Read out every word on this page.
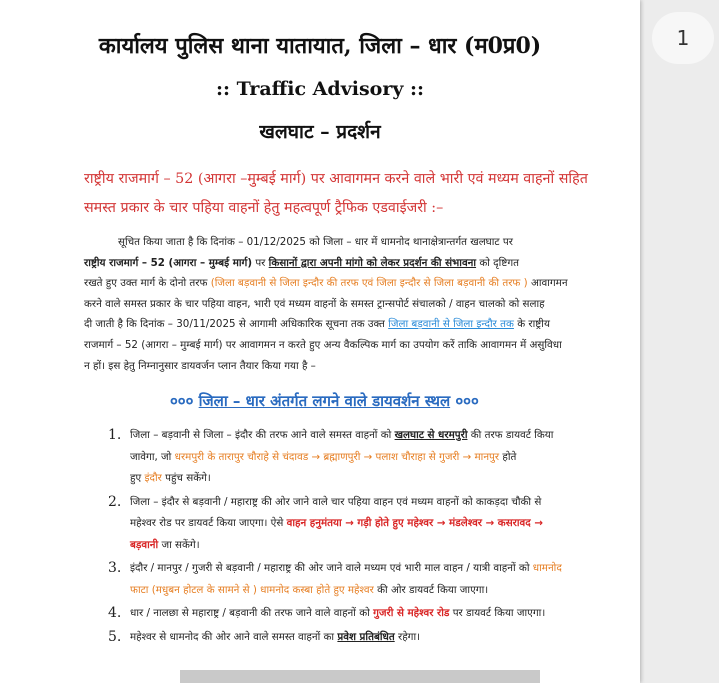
कार्यालय पुलिस थाना यातायात, जिला – धार (म0प्र0)
:: Traffic Advisory ::
खलघाट – प्रदर्शन
राष्ट्रीय राजमार्ग – 52 (आगरा –मुम्बई मार्ग) पर आवागमन करने वाले भारी एवं मध्यम वाहनों सहित
समस्त प्रकार के चार पहिया वाहनों हेतु महत्वपूर्ण ट्रैफिक एडवाईजरी :–
सूचित किया जाता है कि दिनांक – 01/12/2025 को जिला – धार में धामनोद थानाक्षेत्रान्तर्गत खलघाट पर
राष्ट्रीय राजमार्ग – 52 (आगरा – मुम्बई मार्ग) पर किसानों द्वारा अपनी मांगो को लेकर प्रदर्शन की संभावना को दृष्टिगत
रखते हुए उक्त मार्ग के दोनो तरफ (जिला बड़वानी से जिला इन्दौर की तरफ एवं जिला इन्दौर से जिला बड़वानी की तरफ ) आवागमन
करने वाले समस्त प्रकार के चार पहिया वाहन, भारी एवं मध्यम वाहनों के समस्त ट्रान्सपोर्ट संचालको / वाहन चालको को सलाह
दी जाती है कि दिनांक – 30/11/2025 से आगामी अधिकारिक सूचना तक उक्त जिला बड़वानी से जिला इन्दौर तक के राष्ट्रीय
राजमार्ग – 52 (आगरा – मुम्बई मार्ग) पर आवागमन न करते हुए अन्य वैकल्पिक मार्ग का उपयोग करें ताकि आवागमन में असुविधा
न हों। इस हेतु निम्नानुसार डायवर्जन प्लान तैयार किया गया है –
००० जिला – धार अंतर्गत लगने वाले डायवर्शन स्थल ०००
1. जिला – बड़वानी से जिला – इंदौर की तरफ आने वाले समस्त वाहनों को खलघाट से धरमपुरी की तरफ डायवर्ट किया
जावेगा, जो धरमपुरी के तारापुर चौराहे से चंदावड → ब्रह्माणपुरी → पलाश चौराहा से गुजरी → मानपुर होते
हुए इंदौर पहुंच सकेंगे।
2. जिला – इंदौर से बड़वानी / महाराष्ट्र की ओर जाने वाले चार पहिया वाहन एवं मध्यम वाहनों को काकड़दा चौकी से
महेश्वर रोड पर डायवर्ट किया जाएगा। ऐसे वाहन हनुमंतया → गड़ी होते हुए महेश्वर → मंडलेश्वर → कसरावद →
बड़वानी जा सकेंगे।
3. इंदौर / मानपुर / गुजरी से बड़वानी / महाराष्ट्र की ओर जाने वाले मध्यम एवं भारी माल वाहन / यात्री वाहनों को धामनोद
फाटा (मधुबन होटल के सामने से ) धामनोद कस्बा होते हुए महेश्वर की ओर डायवर्ट किया जाएगा।
4. धार / नालछा से महाराष्ट्र / बड़वानी की तरफ जाने वाले वाहनों को गुजरी से महेश्वर रोड पर डायवर्ट किया जाएगा।
5. महेश्वर से धामनोद की ओर आने वाले समस्त वाहनों का प्रवेश प्रतिबंधित रहेगा।
1
